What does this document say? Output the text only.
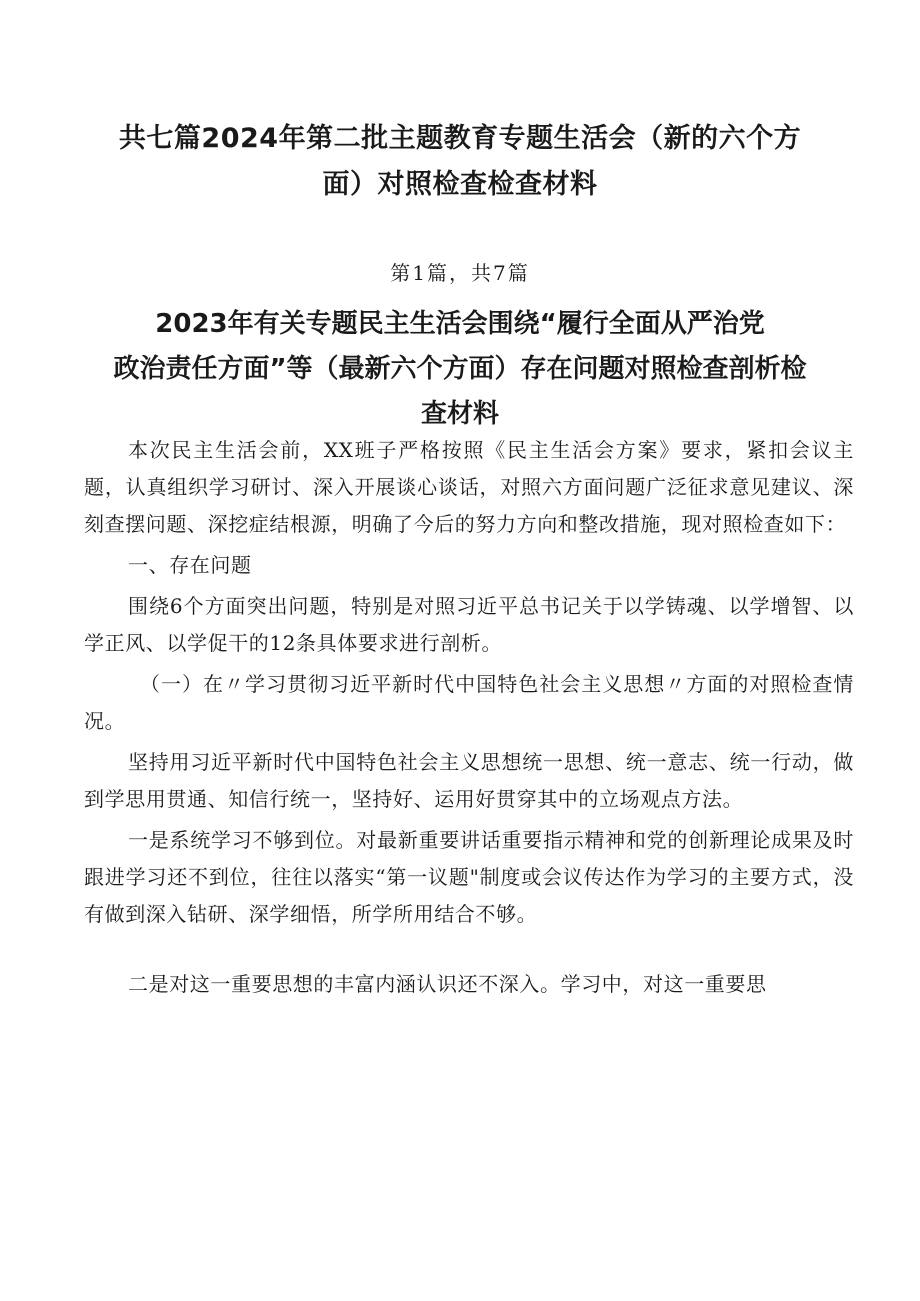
共七篇2024年第二批主题教育专题生活会（新的六个方
面）对照检查检查材料
第1篇，共7篇
2023年有关专题民主生活会围绕“履行全面从严治党
政治责任方面”等（最新六个方面）存在问题对照检查剖析检
查材料

本次民主生活会前，XX班子严格按照《民主生活会方案》要求，紧扣会议主题，认真组织学习研讨、深入开展谈心谈话，对照六方面问题广泛征求意见建议、深刻查摆问题、深挖症结根源，明确了今后的努力方向和整改措施，现对照检查如下：

一、存在问题

围绕6个方面突出问题，特别是对照习近平总书记关于以学铸魂、以学增智、以学正风、以学促干的12条具体要求进行剖析。

（一）在〃学习贯彻习近平新时代中国特色社会主义思想〃方面的对照检查情况。

坚持用习近平新时代中国特色社会主义思想统一思想、统一意志、统一行动，做到学思用贯通、知信行统一，坚持好、运用好贯穿其中的立场观点方法。

一是系统学习不够到位。对最新重要讲话重要指示精神和党的创新理论成果及时跟进学习还不到位，往往以落实“第一议题"制度或会议传达作为学习的主要方式，没有做到深入钻研、深学细悟，所学所用结合不够。

二是对这一重要思想的丰富内涵认识还不深入。学习中，对这一重要思
